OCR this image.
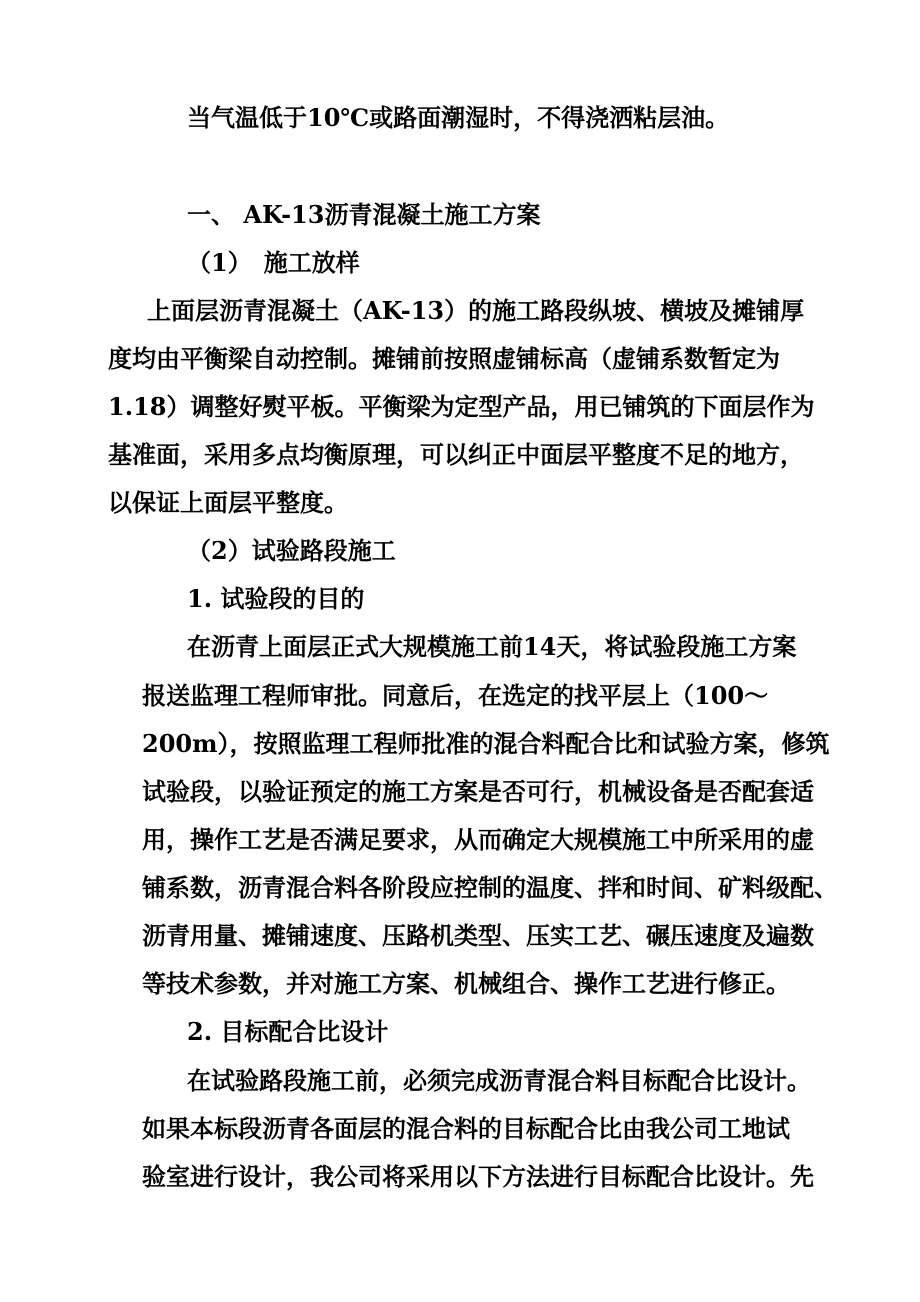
当气温低于10℃或路面潮湿时，不得浇洒粘层油。
一、 AK-13沥青混凝土施工方案
（1）　施工放样
上面层沥青混凝土（AK-13）的施工路段纵坡、横坡及摊铺厚
度均由平衡梁自动控制。摊铺前按照虚铺标高（虚铺系数暂定为
1.18）调整好熨平板。平衡梁为定型产品，用已铺筑的下面层作为
基准面，采用多点均衡原理，可以纠正中面层平整度不足的地方，
以保证上面层平整度。
（2）试验路段施工
1. 试验段的目的
在沥青上面层正式大规模施工前14天，将试验段施工方案
报送监理工程师审批。同意后，在选定的找平层上（100～
200m），按照监理工程师批准的混合料配合比和试验方案，修筑
试验段，以验证预定的施工方案是否可行，机械设备是否配套适
用，操作工艺是否满足要求，从而确定大规模施工中所采用的虚
铺系数，沥青混合料各阶段应控制的温度、拌和时间、矿料级配、
沥青用量、摊铺速度、压路机类型、压实工艺、碾压速度及遍数
等技术参数，并对施工方案、机械组合、操作工艺进行修正。
2. 目标配合比设计
在试验路段施工前，必须完成沥青混合料目标配合比设计。
如果本标段沥青各面层的混合料的目标配合比由我公司工地试
验室进行设计，我公司将采用以下方法进行目标配合比设计。先
